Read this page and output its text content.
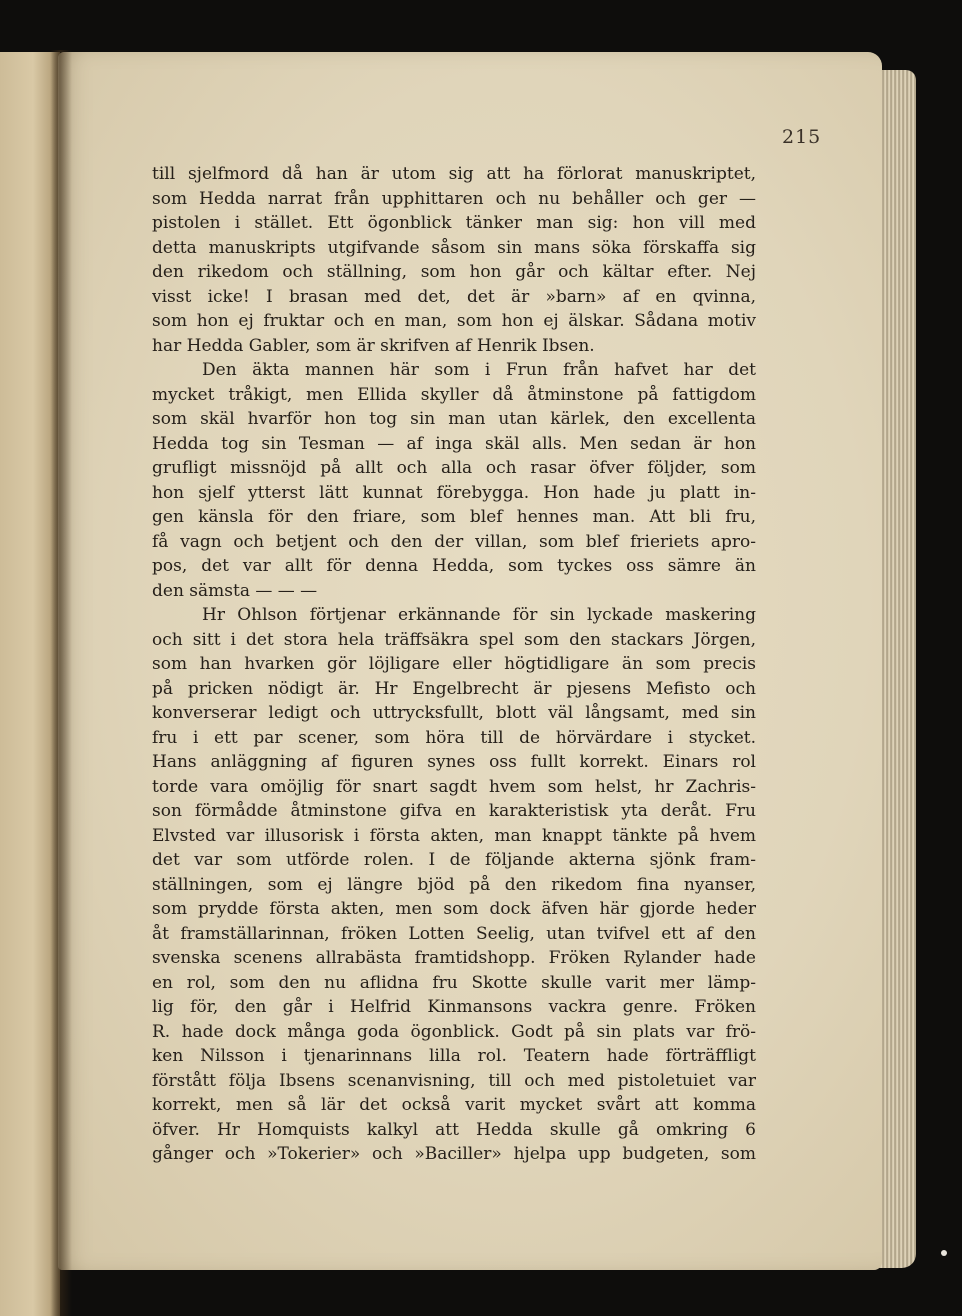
215
till sjelfmord då han är utom sig att ha förlorat manuskriptet,
som Hedda narrat från upphittaren och nu behåller och ger —
pistolen i stället. Ett ögonblick tänker man sig: hon vill med
detta manuskripts utgifvande såsom sin mans söka förskaffa sig
den rikedom och ställning, som hon går och kältar efter. Nej
visst icke! I brasan med det, det är »barn» af en qvinna,
som hon ej fruktar och en man, som hon ej älskar. Sådana motiv
har Hedda Gabler, som är skrifven af Henrik Ibsen.
Den äkta mannen här som i Frun från hafvet har det
mycket tråkigt, men Ellida skyller då åtminstone på fattigdom
som skäl hvarför hon tog sin man utan kärlek, den excellenta
Hedda tog sin Tesman — af inga skäl alls. Men sedan är hon
grufligt missnöjd på allt och alla och rasar öfver följder, som
hon sjelf ytterst lätt kunnat förebygga. Hon hade ju platt in-
gen känsla för den friare, som blef hennes man. Att bli fru,
få vagn och betjent och den der villan, som blef frieriets apro-
pos, det var allt för denna Hedda, som tyckes oss sämre än
den sämsta — — —
Hr Ohlson förtjenar erkännande för sin lyckade maskering
och sitt i det stora hela träffsäkra spel som den stackars Jörgen,
som han hvarken gör löjligare eller högtidligare än som precis
på pricken nödigt är. Hr Engelbrecht är pjesens Mefisto och
konverserar ledigt och uttrycksfullt, blott väl långsamt, med sin
fru i ett par scener, som höra till de hörvärdare i stycket.
Hans anläggning af figuren synes oss fullt korrekt. Einars rol
torde vara omöjlig för snart sagdt hvem som helst, hr Zachris-
son förmådde åtminstone gifva en karakteristisk yta deråt. Fru
Elvsted var illusorisk i första akten, man knappt tänkte på hvem
det var som utförde rolen. I de följande akterna sjönk fram-
ställningen, som ej längre bjöd på den rikedom fina nyanser,
som prydde första akten, men som dock äfven här gjorde heder
åt framställarinnan, fröken Lotten Seelig, utan tvifvel ett af den
svenska scenens allrabästa framtidshopp. Fröken Rylander hade
en rol, som den nu aflidna fru Skotte skulle varit mer lämp-
lig för, den går i Helfrid Kinmansons vackra genre. Fröken
R. hade dock många goda ögonblick. Godt på sin plats var frö-
ken Nilsson i tjenarinnans lilla rol. Teatern hade förträffligt
förstått följa Ibsens scenanvisning, till och med pistoletuiet var
korrekt, men så lär det också varit mycket svårt att komma
öfver. Hr Homquists kalkyl att Hedda skulle gå omkring 6
gånger och »Tokerier» och »Baciller» hjelpa upp budgeten, som
